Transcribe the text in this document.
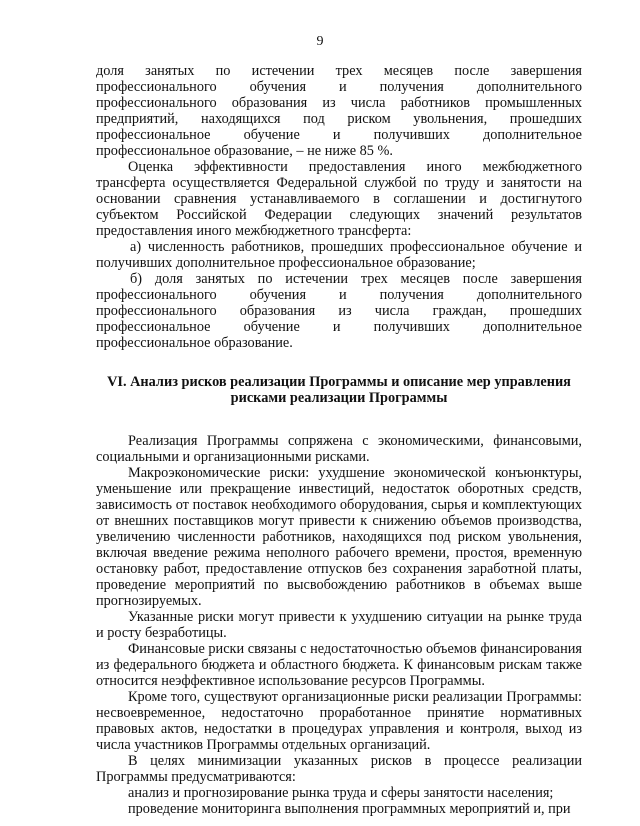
9

доля занятых по истечении трех месяцев после завершения профессионального обучения и получения дополнительного профессионального образования из числа работников промышленных предприятий, находящихся под риском увольнения, прошедших профессиональное обучение и получивших дополнительное профессиональное образование, – не ниже 85 %.

Оценка эффективности предоставления иного межбюджетного трансферта осуществляется Федеральной службой по труду и занятости на основании сравнения устанавливаемого в соглашении и достигнутого субъектом Российской Федерации следующих значений результатов предоставления иного межбюджетного трансферта:

а) численность работников, прошедших профессиональное обучение и получивших дополнительное профессиональное образование;

б) доля занятых по истечении трех месяцев после завершения профессионального обучения и получения дополнительного профессионального образования из числа граждан, прошедших профессиональное обучение и получивших дополнительное профессиональное образование.

VI. Анализ рисков реализации Программы и описание мер управления рисками реализации Программы

Реализация Программы сопряжена с экономическими, финансовыми, социальными и организационными рисками.

Макроэкономические риски: ухудшение экономической конъюнктуры, уменьшение или прекращение инвестиций, недостаток оборотных средств, зависимость от поставок необходимого оборудования, сырья и комплектующих от внешних поставщиков могут привести к снижению объемов производства, увеличению численности работников, находящихся под риском увольнения, включая введение режима неполного рабочего времени, простоя, временную остановку работ, предоставление отпусков без сохранения заработной платы, проведение мероприятий по высвобождению работников в объемах выше прогнозируемых.

Указанные риски могут привести к ухудшению ситуации на рынке труда и росту безработицы.

Финансовые риски связаны с недостаточностью объемов финансирования из федерального бюджета и областного бюджета. К финансовым рискам также относится неэффективное использование ресурсов Программы.

Кроме того, существуют организационные риски реализации Программы: несвоевременное, недостаточно проработанное принятие нормативных правовых актов, недостатки в процедурах управления и контроля, выход из числа участников Программы отдельных организаций.

В целях минимизации указанных рисков в процессе реализации Программы предусматриваются:

анализ и прогнозирование рынка труда и сферы занятости населения;

проведение мониторинга выполнения программных мероприятий и, при
